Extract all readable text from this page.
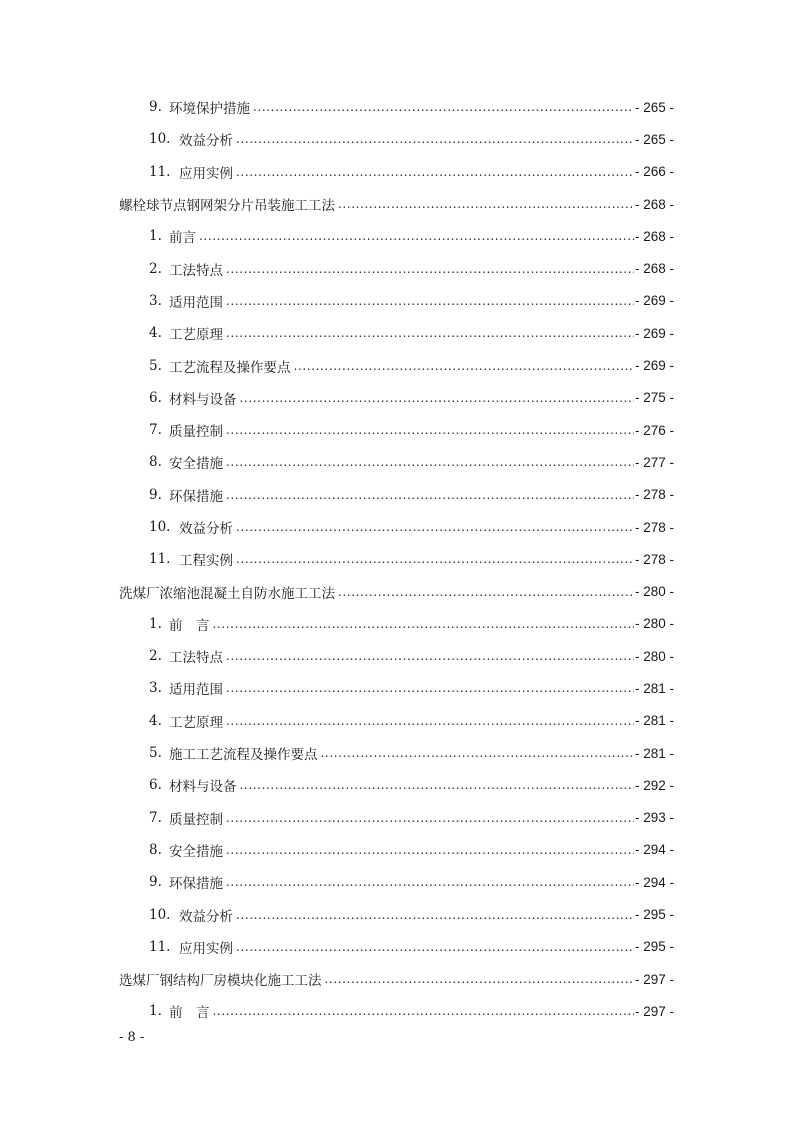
9. 环境保护措施 .....	- 265 -
10. 效益分析 .....	- 265 -
11. 应用实例 .....	- 266 -
螺栓球节点钢网架分片吊装施工工法 .....	- 268 -
1. 前言 .....	- 268 -
2. 工法特点 .....	- 268 -
3. 适用范围 .....	- 269 -
4. 工艺原理 .....	- 269 -
5. 工艺流程及操作要点 .....	- 269 -
6. 材料与设备 .....	- 275 -
7. 质量控制 .....	- 276 -
8. 安全措施 .....	- 277 -
9. 环保措施 .....	- 278 -
10. 效益分析 .....	- 278 -
11. 工程实例 .....	- 278 -
洗煤厂浓缩池混凝土自防水施工工法 .....	- 280 -
1. 前　言 .....	- 280 -
2. 工法特点 .....	- 280 -
3. 适用范围 .....	- 281 -
4. 工艺原理 .....	- 281 -
5. 施工工艺流程及操作要点 .....	- 281 -
6. 材料与设备 .....	- 292 -
7. 质量控制 .....	- 293 -
8. 安全措施 .....	- 294 -
9. 环保措施 .....	- 294 -
10. 效益分析 .....	- 295 -
11. 应用实例 .....	- 295 -
选煤厂钢结构厂房模块化施工工法 .....	- 297 -
1. 前　言 .....	- 297 -
- 8 -
